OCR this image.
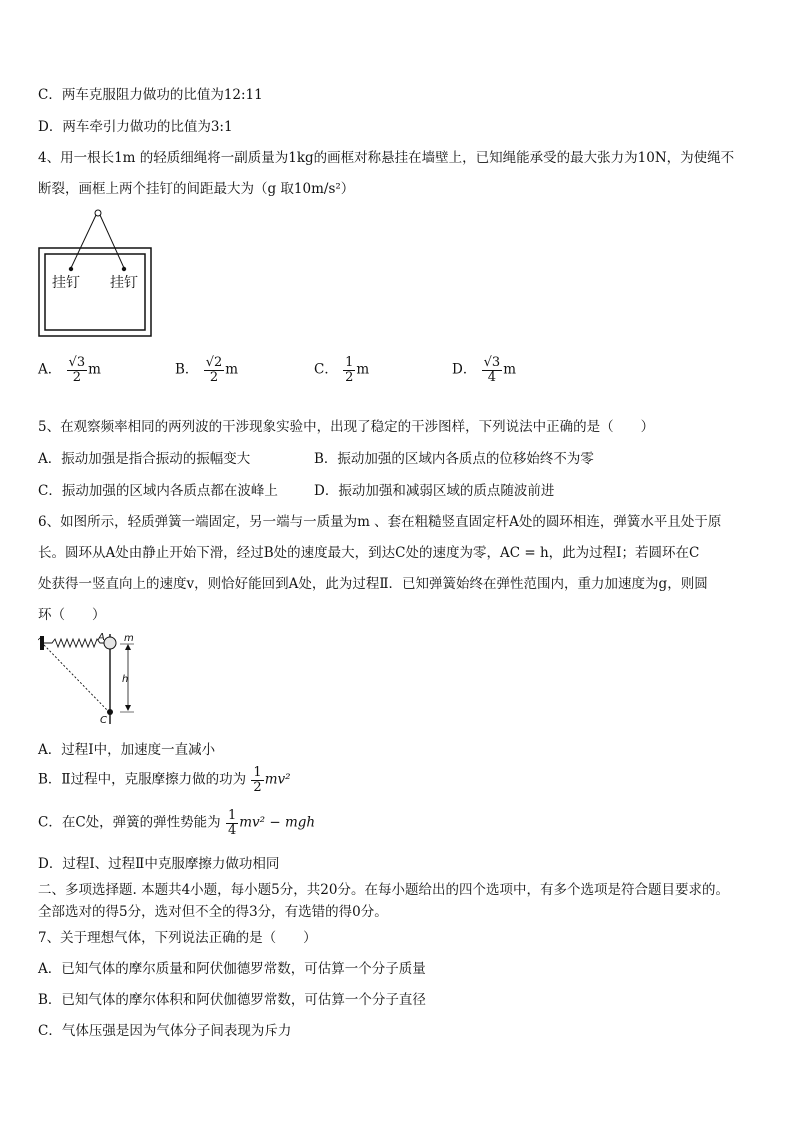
C．两车克服阻力做功的比值为12:11
D．两车牵引力做功的比值为3:1
4、用一根长1m 的轻质细绳将一副质量为1kg的画框对称悬挂在墙壁上，已知绳能承受的最大张力为10N，为使绳不
断裂，画框上两个挂钉的间距最大为（g 取10m/s²）
挂钉 挂钉
A． $\frac{√3}{2}$ m	B． $\frac{√2}{2}$ m	C． $\frac{1}{2}$ m	D． $\frac{√3}{4}$ m
5、在观察频率相同的两列波的干涉现象实验中，出现了稳定的干涉图样，下列说法中正确的是（　　）
A．振动加强是指合振动的振幅变大	B．振动加强的区域内各质点的位移始终不为零
C．振动加强的区域内各质点都在波峰上	D．振动加强和减弱区域的质点随波前进
6、如图所示，轻质弹簧一端固定，另一端与一质量为m 、套在粗糙竖直固定杆A处的圆环相连，弹簧水平且处于原
长。圆环从A处由静止开始下滑，经过B处的速度最大，到达C处的速度为零，AC = h，此为过程Ⅰ；若圆环在C
处获得一竖直向上的速度v，则恰好能回到A处，此为过程Ⅱ．已知弹簧始终在弹性范围内，重力加速度为g，则圆
环（　　）
A m
h
C
A．过程Ⅰ中，加速度一直减小
B．Ⅱ过程中，克服摩擦力做的功为 $\frac{1}{2} mv^2$
C．在C处，弹簧的弹性势能为 $\frac{1}{4} mv^2$ − mgh
D．过程Ⅰ、过程Ⅱ中克服摩擦力做功相同
二、多项选择题. 本题共4小题，每小题5分，共20分。在每小题给出的四个选项中，有多个选项是符合题目要求的。
全部选对的得5分，选对但不全的得3分，有选错的得0分。
7、关于理想气体，下列说法正确的是（　　）
A．已知气体的摩尔质量和阿伏伽德罗常数，可估算一个分子质量
B．已知气体的摩尔体积和阿伏伽德罗常数，可估算一个分子直径
C．气体压强是因为气体分子间表现为斥力
